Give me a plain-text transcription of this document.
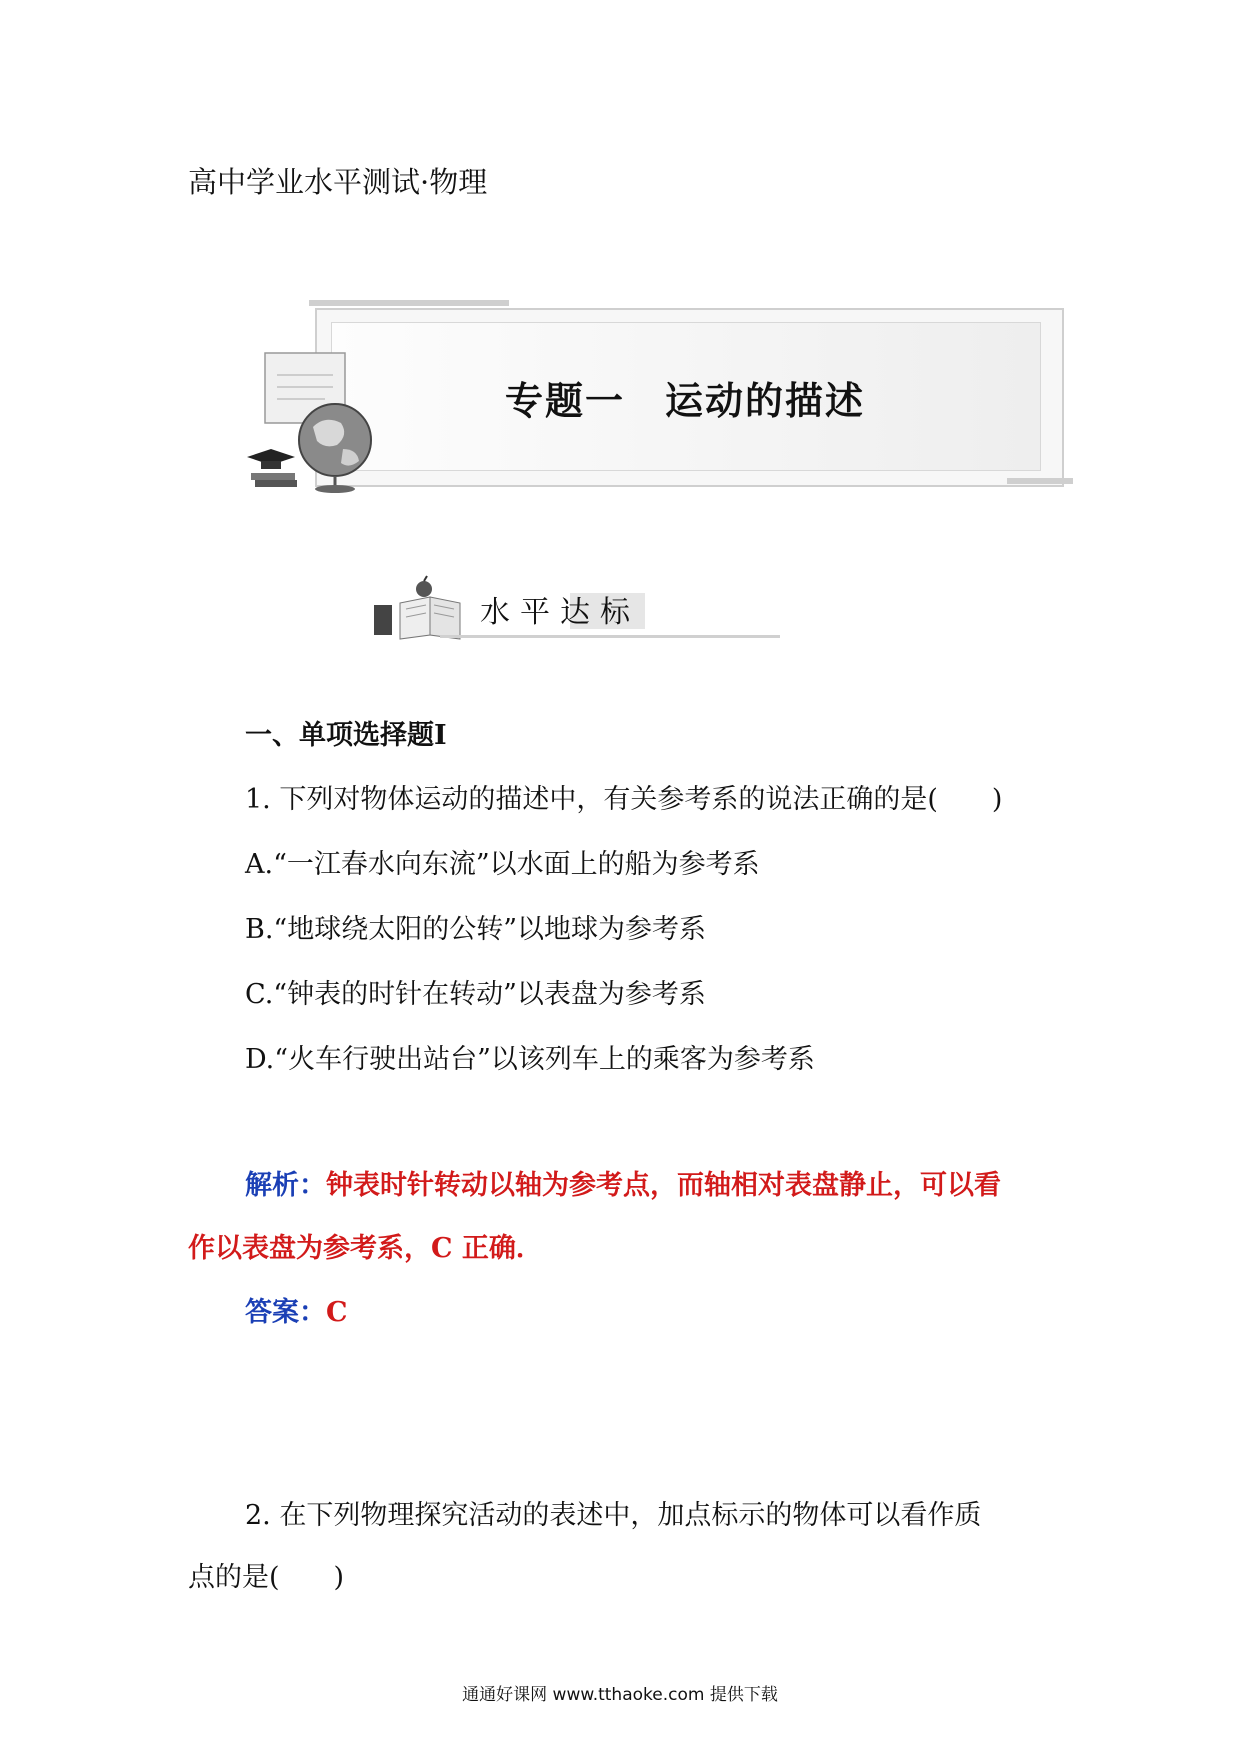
高中学业水平测试·物理
专题一　运动的描述
水平达标
一、单项选择题Ⅰ
1. 下列对物体运动的描述中，有关参考系的说法正确的是(　　)
A.“一江春水向东流”以水面上的船为参考系
B.“地球绕太阳的公转”以地球为参考系
C.“钟表的时针在转动”以表盘为参考系
D.“火车行驶出站台”以该列车上的乘客为参考系
解析：钟表时针转动以轴为参考点，而轴相对表盘静止，可以看
作以表盘为参考系，C 正确．
答案：C
2. 在下列物理探究活动的表述中，加点标示的物体可以看作质
点的是(　　)
通通好课网 www.tthaoke.com 提供下载
